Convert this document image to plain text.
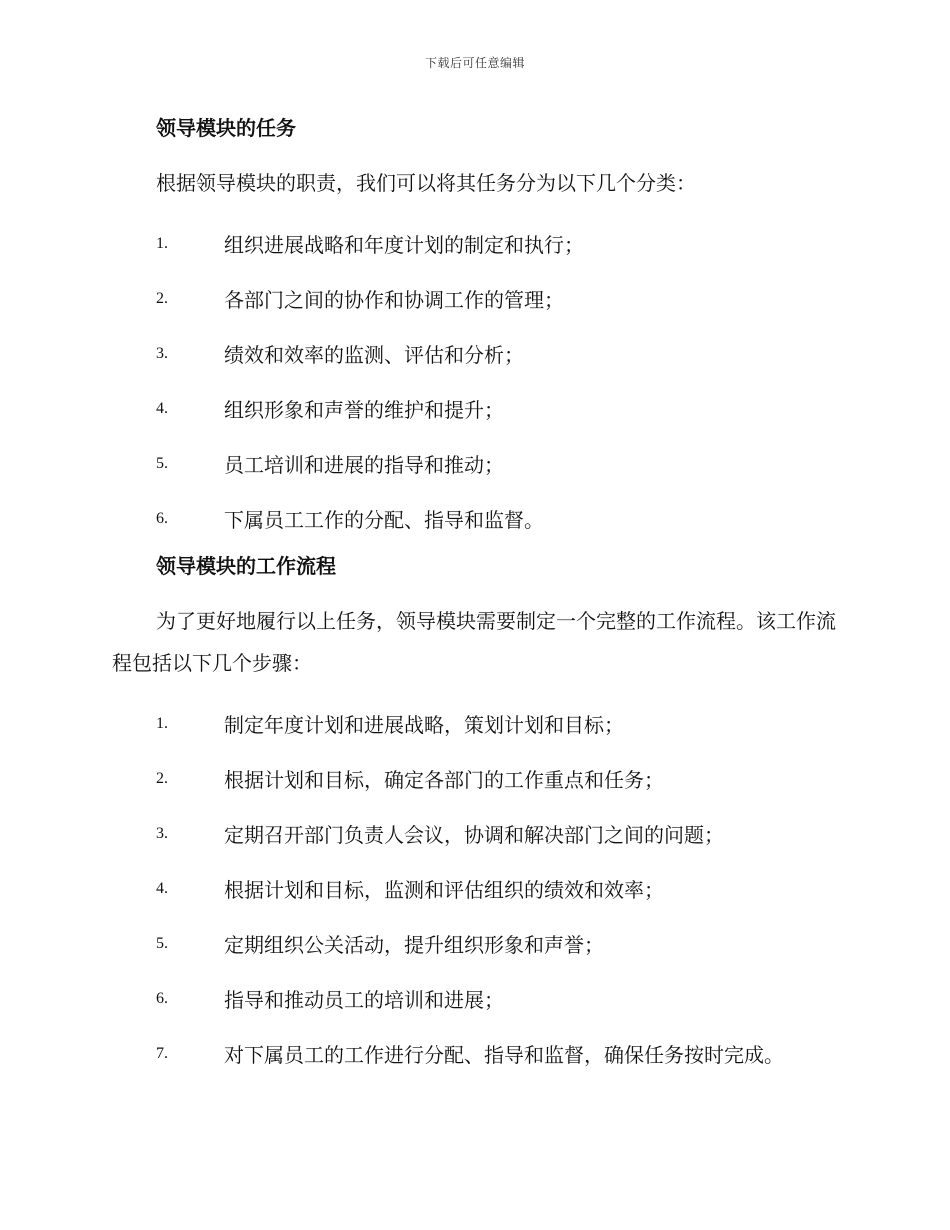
下载后可任意编辑
领导模块的任务
根据领导模块的职责，我们可以将其任务分为以下几个分类：
1.	组织进展战略和年度计划的制定和执行；
2.	各部门之间的协作和协调工作的管理；
3.	绩效和效率的监测、评估和分析；
4.	组织形象和声誉的维护和提升；
5.	员工培训和进展的指导和推动；
6.	下属员工工作的分配、指导和监督。
领导模块的工作流程
为了更好地履行以上任务，领导模块需要制定一个完整的工作流程。该工作流程包括以下几个步骤：
1.	制定年度计划和进展战略，策划计划和目标；
2.	根据计划和目标，确定各部门的工作重点和任务；
3.	定期召开部门负责人会议，协调和解决部门之间的问题；
4.	根据计划和目标，监测和评估组织的绩效和效率；
5.	定期组织公关活动，提升组织形象和声誉；
6.	指导和推动员工的培训和进展；
7.	对下属员工的工作进行分配、指导和监督，确保任务按时完成。
